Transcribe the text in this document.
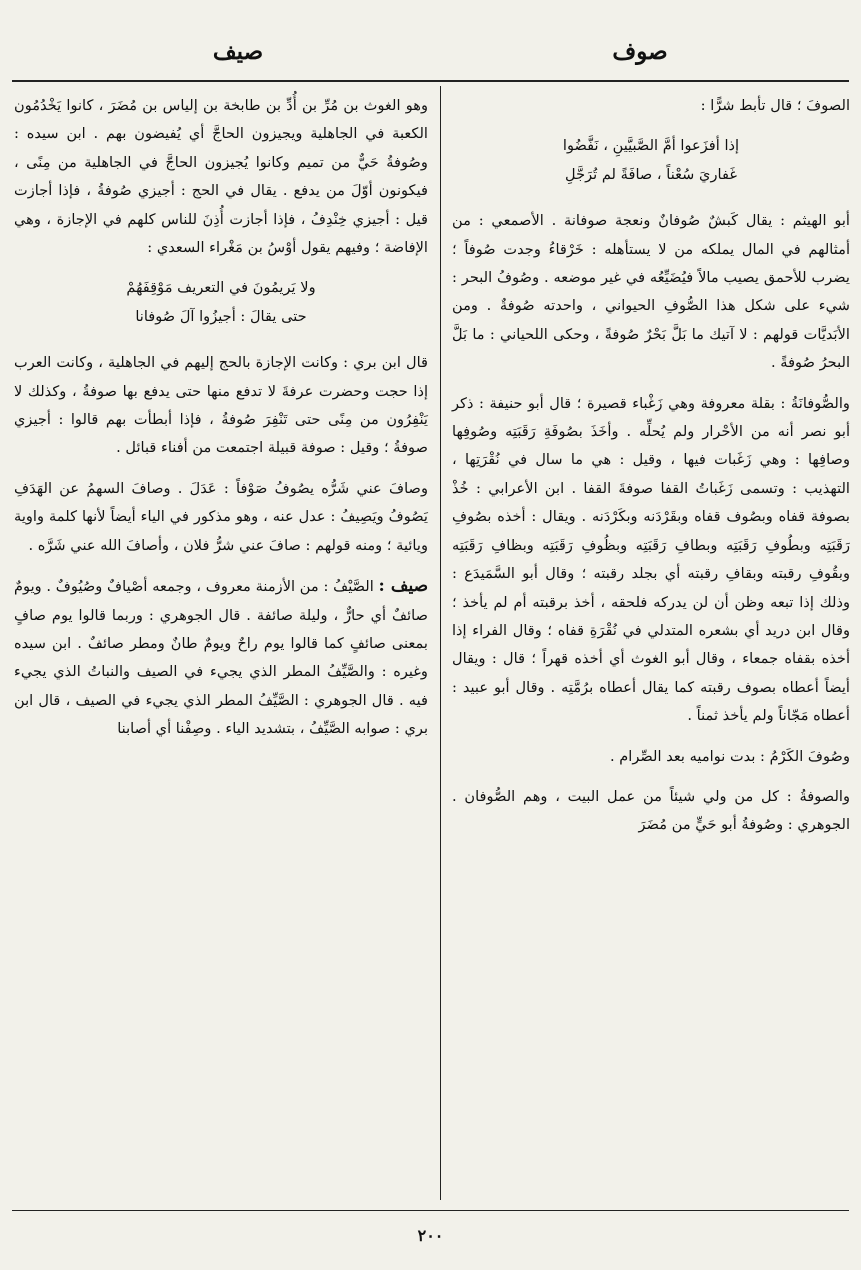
صوف
صيف

الصوفَ ؛ قال تأبط شرًّا :

إذا أفزَعوا أمَّ الصَّبيَّينِ ، نَفَّضُوا
غَفاريَ سُعْناً ، صافَةً لم تُرَجَّلِ

أبو الهيثم : يقال كَبشٌ صُوفانٌ ونعجة صوفانة . الأصمعي : من أمثالهم في المال يملكه من لا يستأهله : خَرْقاءُ وجدت صُوفاً ؛ يضرب للأحمق يصيب مالاً فيُضَيِّعُه في غير موضعه . وصُوفُ البحر : شيء على شكل هذا الصُّوفِ الحيواني ، واحدته صُوفةٌ . ومن الأبَديَّات قولهم : لا آتيك ما بَلَّ بَحْرٌ صُوفةً ، وحكى اللحياني : ما بَلَّ البحرُ صُوفةً .

والصُّوفانَةُ : بقلة معروفة وهي زَغْباء قصيرة ؛ قال أبو حنيفة : ذكر أبو نصر أنه من الأحْرار ولم يُحلِّه . وأخَذَ بصُوفَةِ رَقَبَتِه وصُوفِها وصافِها : وهي زَغَبات فيها ، وقيل : هي ما سال في نُقْرَتِها ، التهذيب : وتسمى زَغَباتُ القفا صوفةَ القفا . ابن الأعرابي : خُذْ بصوفة قفاه وبصُوف قفاه وبقَرْدَنه وبكَرْدَنه . ويقال : أخذه بصُوفِ رَقَبَتِه وبطُوفِ رَقَبَتِه وبطافِ رَقَبَتِه وبظُوفِ رَقَبَتِه وبظافِ رَقَبَتِه وبقُوفِ رقبته وبقافِ رقبته أي بجلد رقبته ؛ وقال أبو السَّمَيدَع : وذلك إذا تبعه وظن أن لن يدركه فلحقه ، أخذ برقبته أم لم يأخذ ؛ وقال ابن دريد أي بشعره المتدلي في نُقْرَةِ قفاه ؛ وقال الفراء إذا أخذه بقفاه جمعاء ، وقال أبو الغوث أي أخذه قهراً ؛ قال : ويقال أيضاً أعطاه بصوف رقبته كما يقال أعطاه برُمَّتِه . وقال أبو عبيد : أعطاه مَجّاناً ولم يأخذ ثمناً .

وصُوفَ الكَرْمُ : بدت نواميه بعد الصِّرام .

والصوفةُ : كل من ولي شيئاً من عمل البيت ، وهم الصُّوفان . الجوهري : وصُوفةُ أبو حَيٍّ من مُضَرَ

وهو الغوث بن مُرِّ بن أُدِّ بن طابخة بن إلياس بن مُضَرَ ، كانوا يَخْدُمُون الكعبة في الجاهلية ويجيزون الحاجَّ أي يُفيضون بهم . ابن سيده : وصُوفةُ حَيٌّ من تميم وكانوا يُجيزون الحاجَّ في الجاهلية من مِنًى ، فيكونون أوّلَ من يدفع . يقال في الحج : أجيزي صُوفةُ ، فإذا أجازت قيل : أجيزي خِنْدِفُ ، فإذا أجازت أُذِنَ للناس كلهم في الإجازة ، وهي الإفاضة ؛ وفيهم يقول أوْسُ بن مَغْراء السعدي :

ولا يَريمُونَ في التعريف مَوْقِفَهُمْ
حتى يقالَ : أجيزُوا آلَ صُوفانا

قال ابن بري : وكانت الإجازة بالحج إليهم في الجاهلية ، وكانت العرب إذا حجت وحضرت عرفةَ لا تدفع منها حتى يدفع بها صوفةُ ، وكذلك لا يَنْفِرُون من مِنًى حتى تَنْفِرَ صُوفةُ ، فإذا أبطأت بهم قالوا : أجيزي صوفةُ ؛ وقيل : صوفة قبيلة اجتمعت من أفناء قبائل .

وصافَ عني شَرُّه يصُوفُ صَوْفاً : عَدَلَ . وصافَ السهمُ عن الهَدَفِ يَصُوفُ ويَصِيفُ : عدل عنه ، وهو مذكور في الياء أيضاً لأنها كلمة واوية ويائية ؛ ومنه قولهم : صافَ عني شرُّ فلان ، وأصافَ الله عني شَرَّه .

صيف : الصَّيْفُ : من الأزمنة معروف ، وجمعه أصْيافٌ وصُيُوفٌ . ويومٌ صائفٌ أي حارٌّ ، وليلة صائفة . قال الجوهري : وربما قالوا يوم صافٍ بمعنى صائفٍ كما قالوا يوم راحٌ ويومٌ طانٌ ومطر صائفٌ . ابن سيده وغيره : والصَّيِّفُ المطر الذي يجيء في الصيف والنباتُ الذي يجيء فيه . قال الجوهري : الصَّيِّفُ المطر الذي يجيء في الصيف ، قال ابن بري : صوابه الصَّيِّفُ ، بتشديد الياء . وصِفْنا أي أصابنا

٢٠٠
